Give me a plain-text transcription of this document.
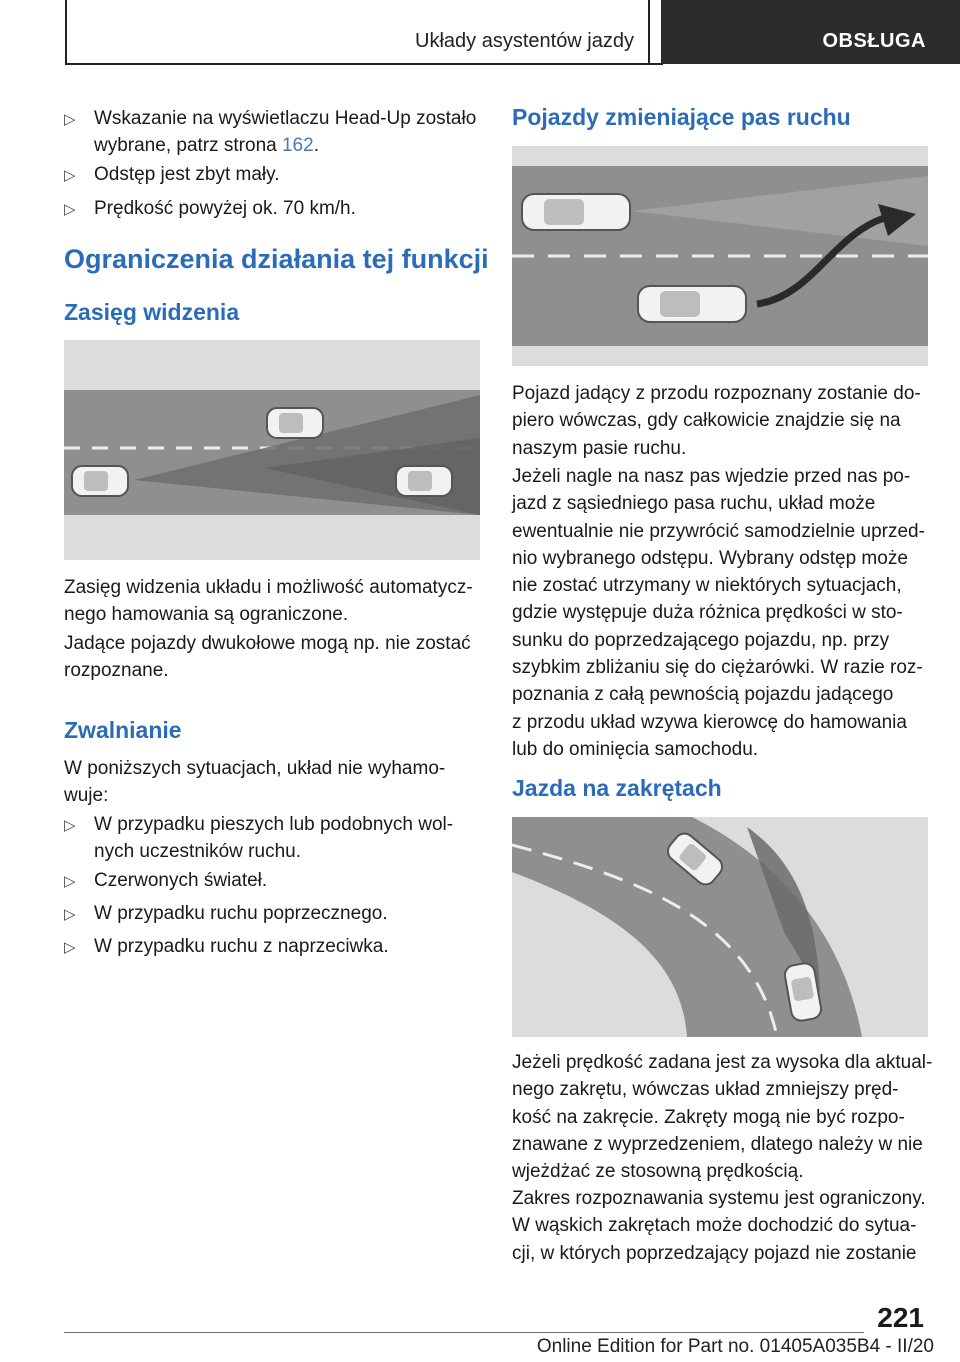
Układy asystentów jazdy	OBSŁUGA
▷ Wskazanie na wyświetlaczu Head-Up zostało
wybrane, patrz strona 162.
▷ Odstęp jest zbyt mały.
▷ Prędkość powyżej ok. 70 km/h.
Ograniczenia działania tej funkcji
Zasięg widzenia
Zasięg widzenia układu i możliwość automatycz-
nego hamowania są ograniczone.
Jadące pojazdy dwukołowe mogą np. nie zostać
rozpoznane.
Zwalnianie
W poniższych sytuacjach, układ nie wyhamo-
wuje:
▷ W przypadku pieszych lub podobnych wol-
nych uczestników ruchu.
▷ Czerwonych świateł.
▷ W przypadku ruchu poprzecznego.
▷ W przypadku ruchu z naprzeciwka.
Pojazdy zmieniające pas ruchu
Pojazd jadący z przodu rozpoznany zostanie do-
piero wówczas, gdy całkowicie znajdzie się na
naszym pasie ruchu.
Jeżeli nagle na nasz pas wjedzie przed nas po-
jazd z sąsiedniego pasa ruchu, układ może
ewentualnie nie przywrócić samodzielnie uprzed-
nio wybranego odstępu. Wybrany odstęp może
nie zostać utrzymany w niektórych sytuacjach,
gdzie występuje duża różnica prędkości w sto-
sunku do poprzedzającego pojazdu, np. przy
szybkim zbliżaniu się do ciężarówki. W razie roz-
poznania z całą pewnością pojazdu jadącego
z przodu układ wzywa kierowcę do hamowania
lub do ominięcia samochodu.
Jazda na zakrętach
Jeżeli prędkość zadana jest za wysoka dla aktual-
nego zakrętu, wówczas układ zmniejszy pręd-
kość na zakręcie. Zakręty mogą nie być rozpo-
znawane z wyprzedzeniem, dlatego należy w nie
wjeżdżać ze stosowną prędkością.
Zakres rozpoznawania systemu jest ograniczony.
W wąskich zakrętach może dochodzić do sytua-
cji, w których poprzedzający pojazd nie zostanie
221
Online Edition for Part no. 01405A035B4 - II/20
